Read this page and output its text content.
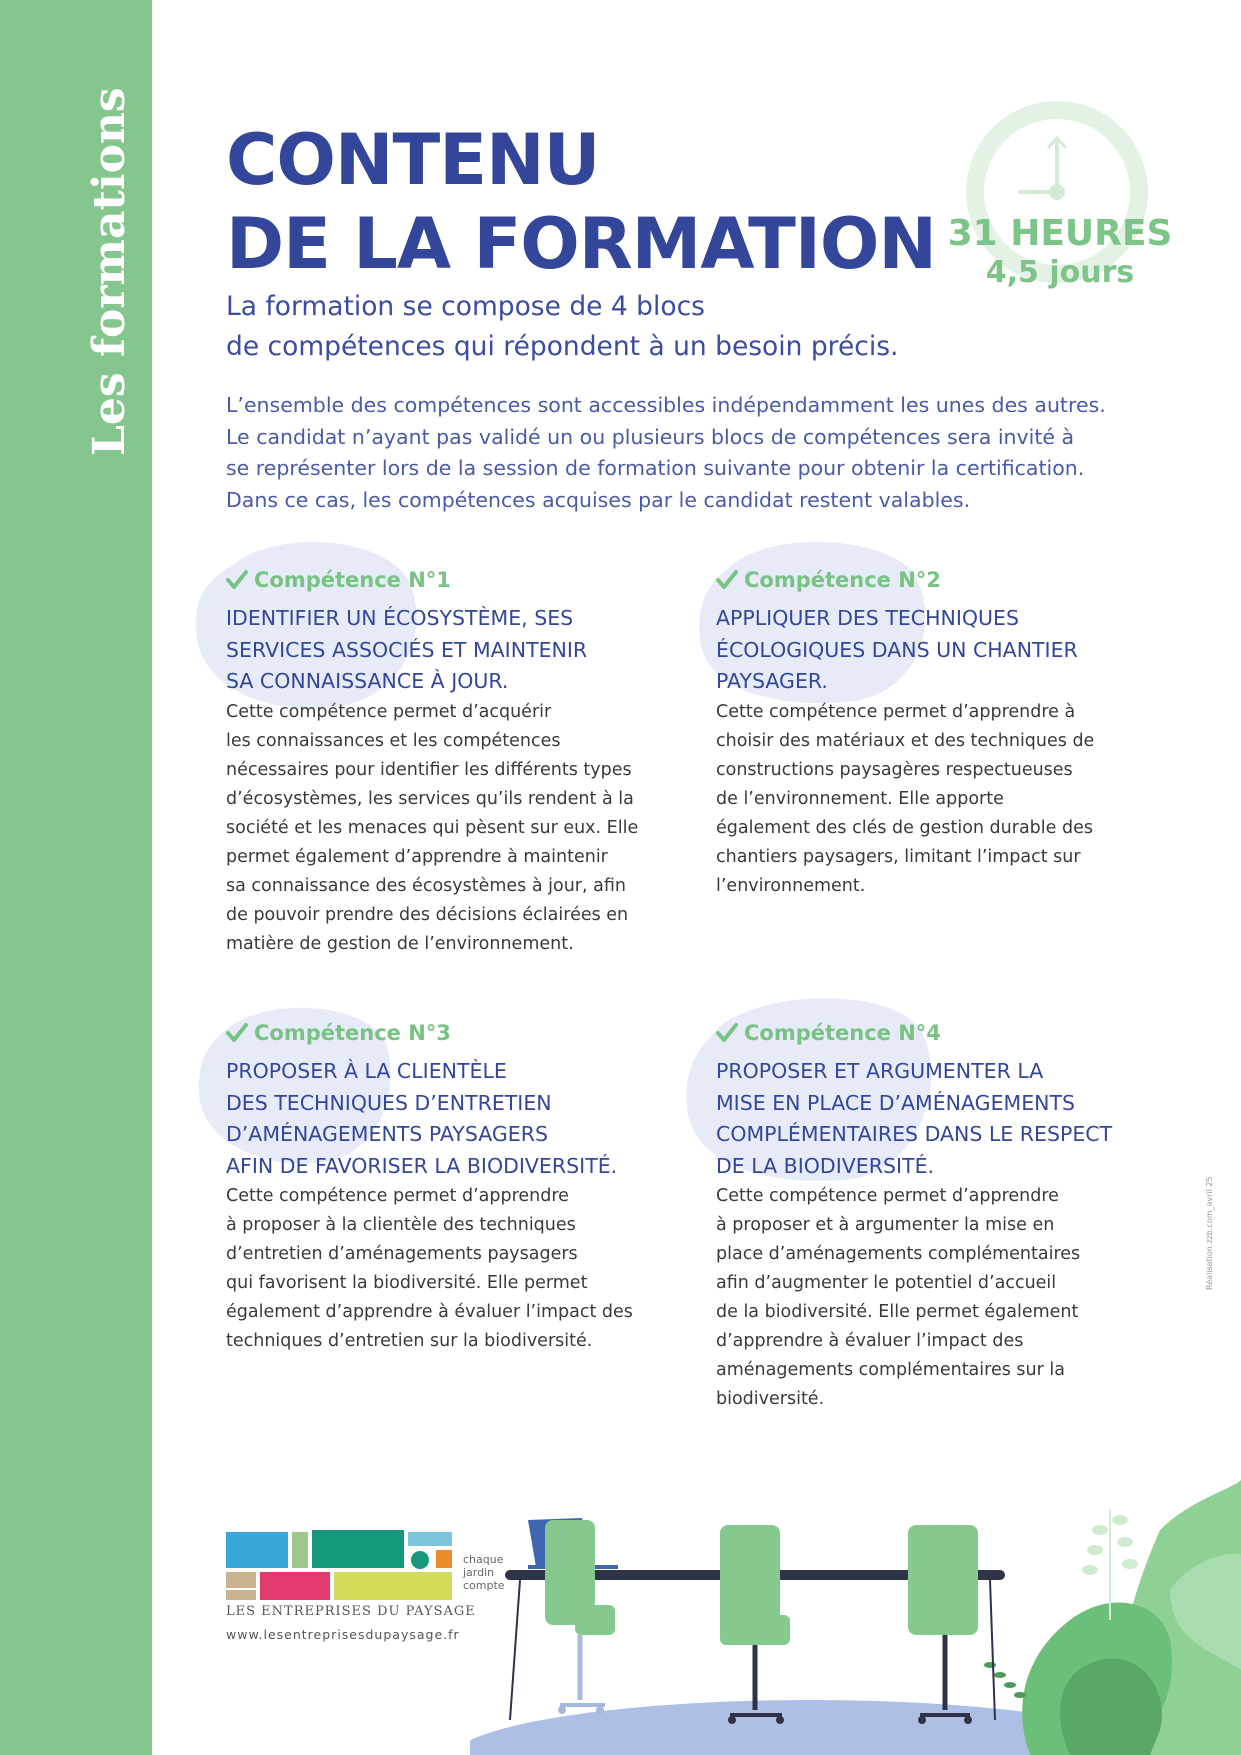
Les formations CONTENU
DE LA FORMATION 31 HEURES
4,5 jours
La formation se compose de 4 blocs
de compétences qui répondent à un besoin précis.
L’ensemble des compétences sont accessibles indépendamment les unes des autres.
Le candidat n’ayant pas validé un ou plusieurs blocs de compétences sera invité à
se représenter lors de la session de formation suivante pour obtenir la certification.
Dans ce cas, les compétences acquises par le candidat restent valables.
Compétence N°1
IDENTIFIER UN ÉCOSYSTÈME, SES
SERVICES ASSOCIÉS ET MAINTENIR
SA CONNAISSANCE À JOUR.
Cette compétence permet d’acquérir
les connaissances et les compétences
nécessaires pour identifier les différents types
d’écosystèmes, les services qu’ils rendent à la
société et les menaces qui pèsent sur eux. Elle
permet également d’apprendre à maintenir
sa connaissance des écosystèmes à jour, afin
de pouvoir prendre des décisions éclairées en
matière de gestion de l’environnement.
Compétence N°2
APPLIQUER DES TECHNIQUES
ÉCOLOGIQUES DANS UN CHANTIER
PAYSAGER.
Cette compétence permet d’apprendre à
choisir des matériaux et des techniques de
constructions paysagères respectueuses
de l’environnement. Elle apporte
également des clés de gestion durable des
chantiers paysagers, limitant l’impact sur
l’environnement.
Compétence N°3
PROPOSER À LA CLIENTÈLE
DES TECHNIQUES D’ENTRETIEN
D’AMÉNAGEMENTS PAYSAGERS
AFIN DE FAVORISER LA BIODIVERSITÉ.
Cette compétence permet d’apprendre
à proposer à la clientèle des techniques
d’entretien d’aménagements paysagers
qui favorisent la biodiversité. Elle permet
également d’apprendre à évaluer l’impact des
techniques d’entretien sur la biodiversité.
Compétence N°4
PROPOSER ET ARGUMENTER LA
MISE EN PLACE D’AMÉNAGEMENTS
COMPLÉMENTAIRES DANS LE RESPECT
DE LA BIODIVERSITÉ.
Cette compétence permet d’apprendre
à proposer et à argumenter la mise en
place d’aménagements complémentaires
afin d’augmenter le potentiel d’accueil
de la biodiversité. Elle permet également
d’apprendre à évaluer l’impact des
aménagements complémentaires sur la
biodiversité.
Réalisation zzb.com_avril 25
chaque
jardin
compte
LES ENTREPRISES DU PAYSAGE
www.lesentreprisesdupaysage.fr
